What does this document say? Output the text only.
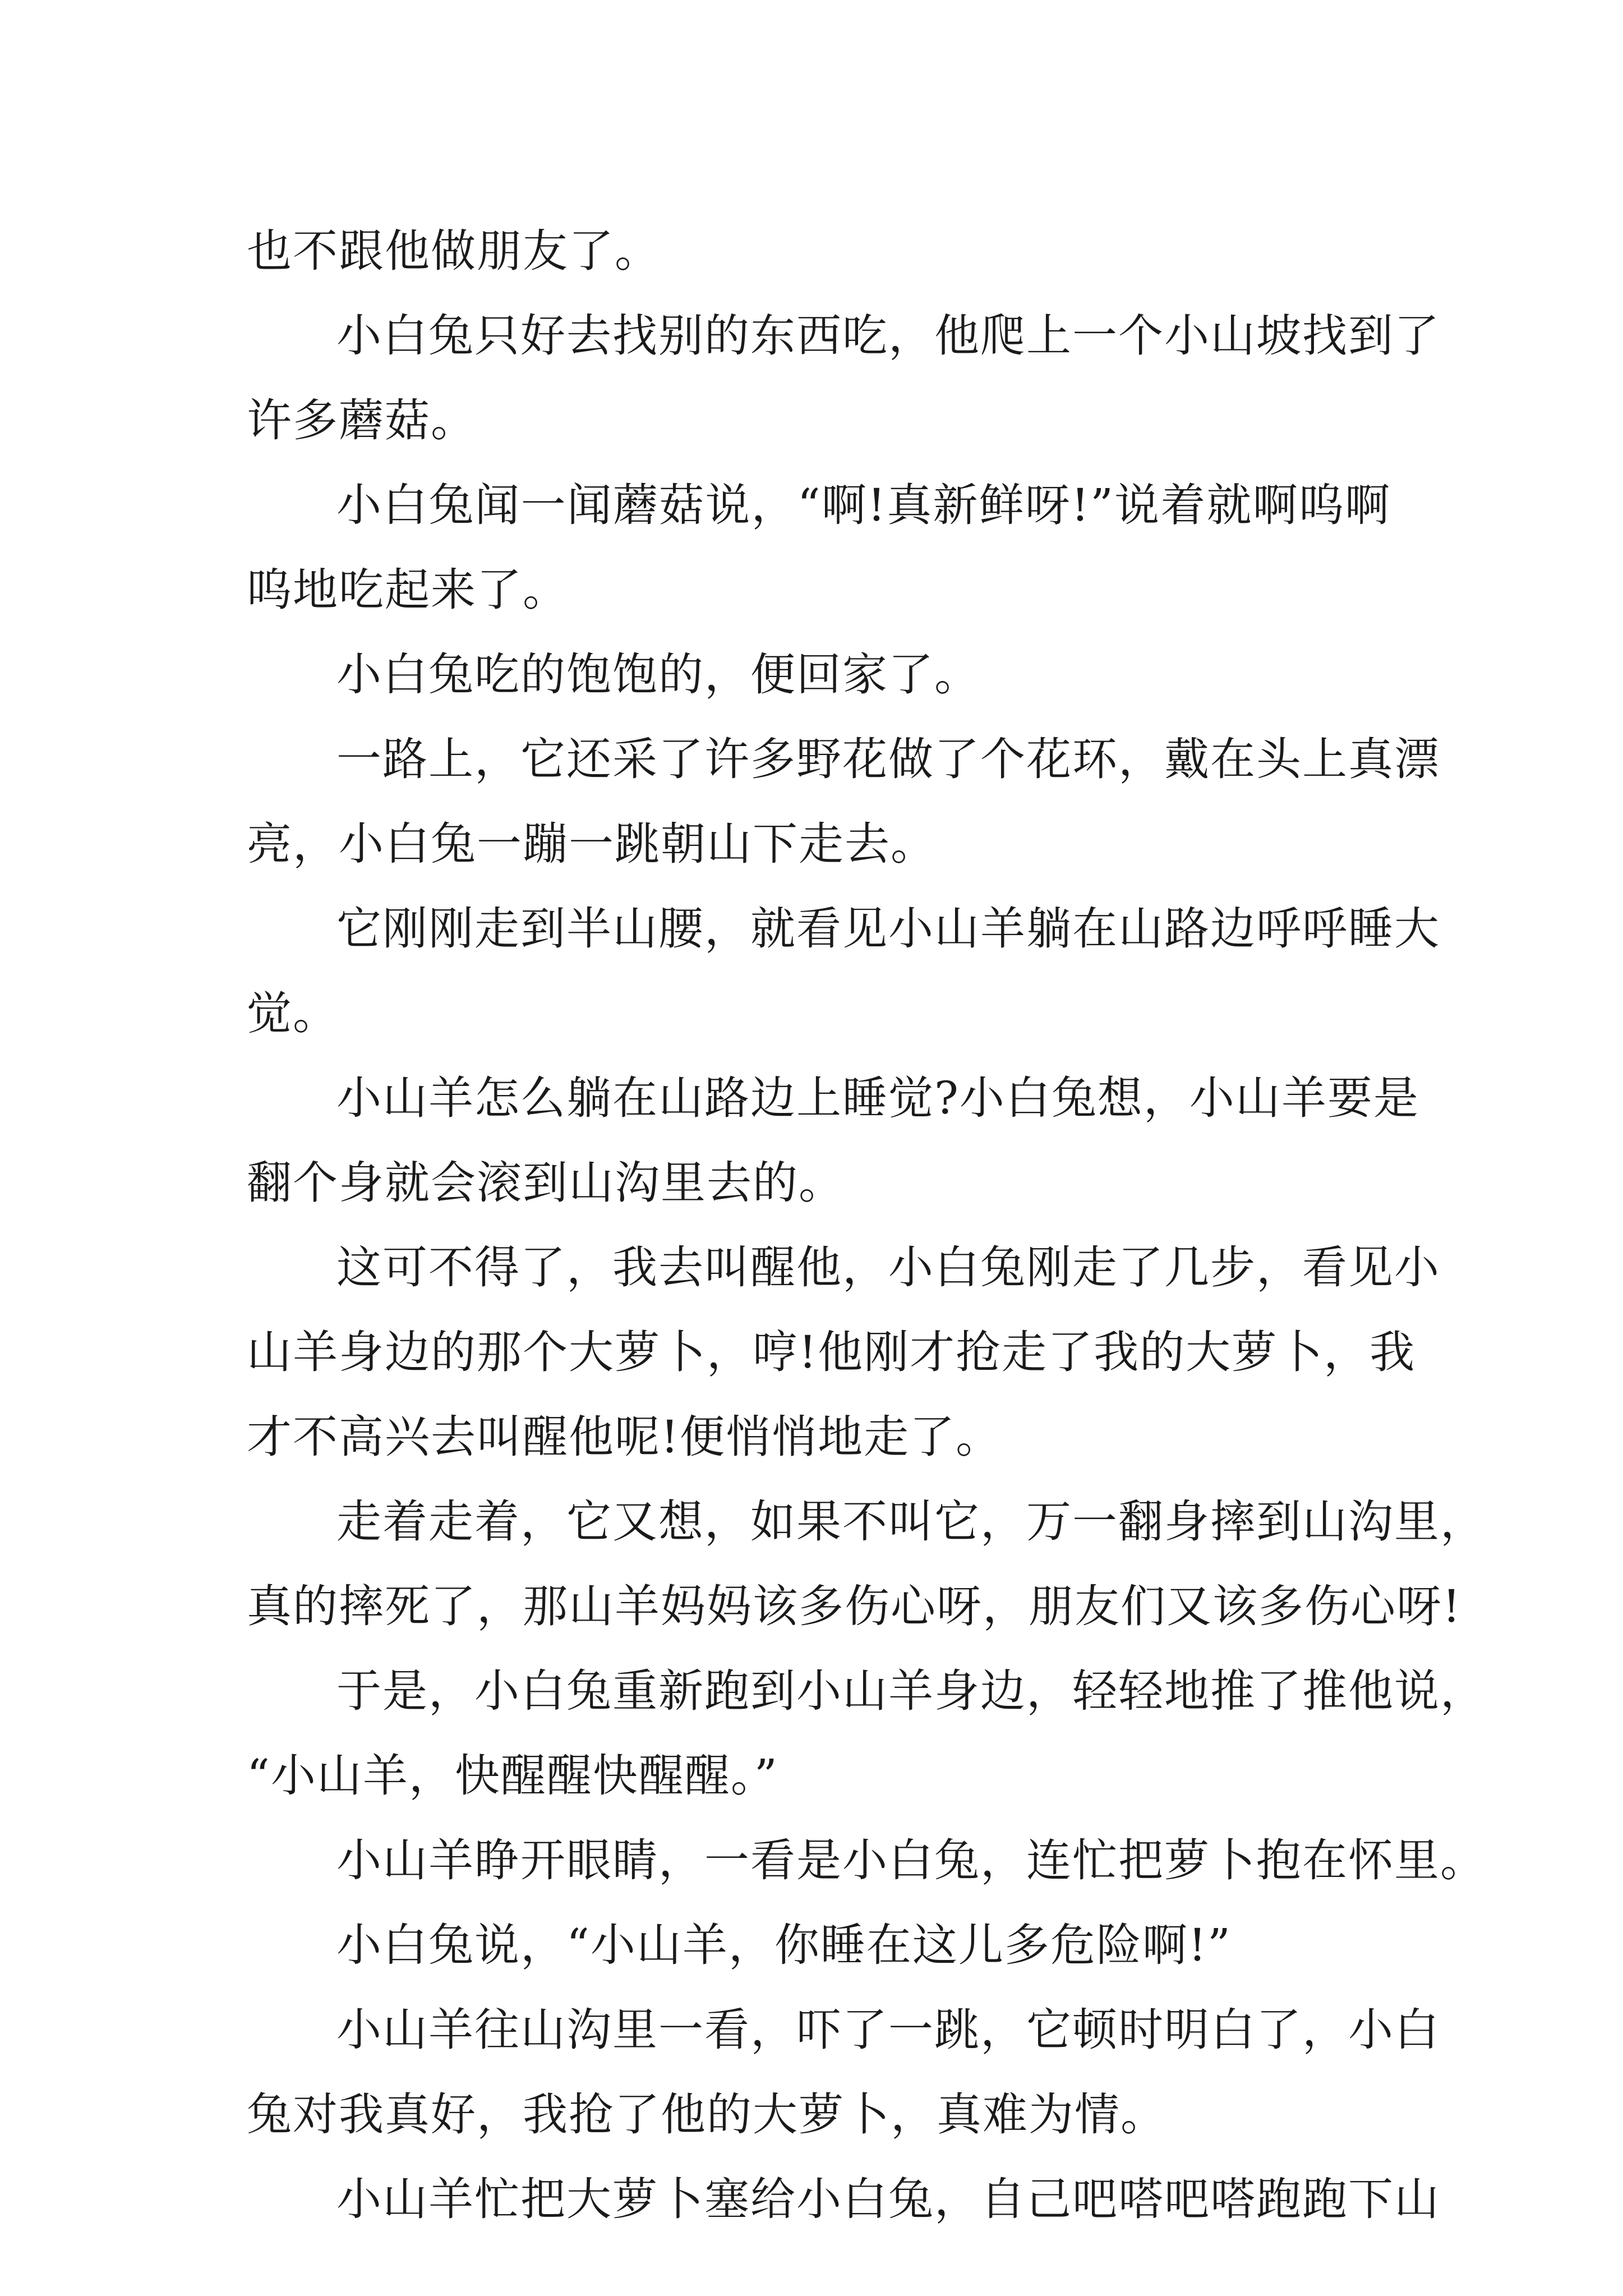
也不跟他做朋友了。
小白兔只好去找别的东西吃，他爬上一个小山坡找到了
许多蘑菇。
小白兔闻一闻蘑菇说，“啊!真新鲜呀!”说着就啊呜啊
呜地吃起来了。
小白兔吃的饱饱的，便回家了。
一路上，它还采了许多野花做了个花环，戴在头上真漂
亮，小白兔一蹦一跳朝山下走去。
它刚刚走到半山腰，就看见小山羊躺在山路边呼呼睡大
觉。
小山羊怎么躺在山路边上睡觉?小白兔想，小山羊要是
翻个身就会滚到山沟里去的。
这可不得了，我去叫醒他，小白兔刚走了几步，看见小
山羊身边的那个大萝卜，哼!他刚才抢走了我的大萝卜，我
才不高兴去叫醒他呢!便悄悄地走了。
走着走着，它又想，如果不叫它，万一翻身摔到山沟里，
真的摔死了，那山羊妈妈该多伤心呀，朋友们又该多伤心呀!
于是，小白兔重新跑到小山羊身边，轻轻地推了推他说，
“小山羊，快醒醒快醒醒。”
小山羊睁开眼睛，一看是小白兔，连忙把萝卜抱在怀里。
小白兔说，“小山羊，你睡在这儿多危险啊!”
小山羊往山沟里一看，吓了一跳，它顿时明白了，小白
兔对我真好，我抢了他的大萝卜，真难为情。
小山羊忙把大萝卜塞给小白兔，自己吧嗒吧嗒跑跑下山
